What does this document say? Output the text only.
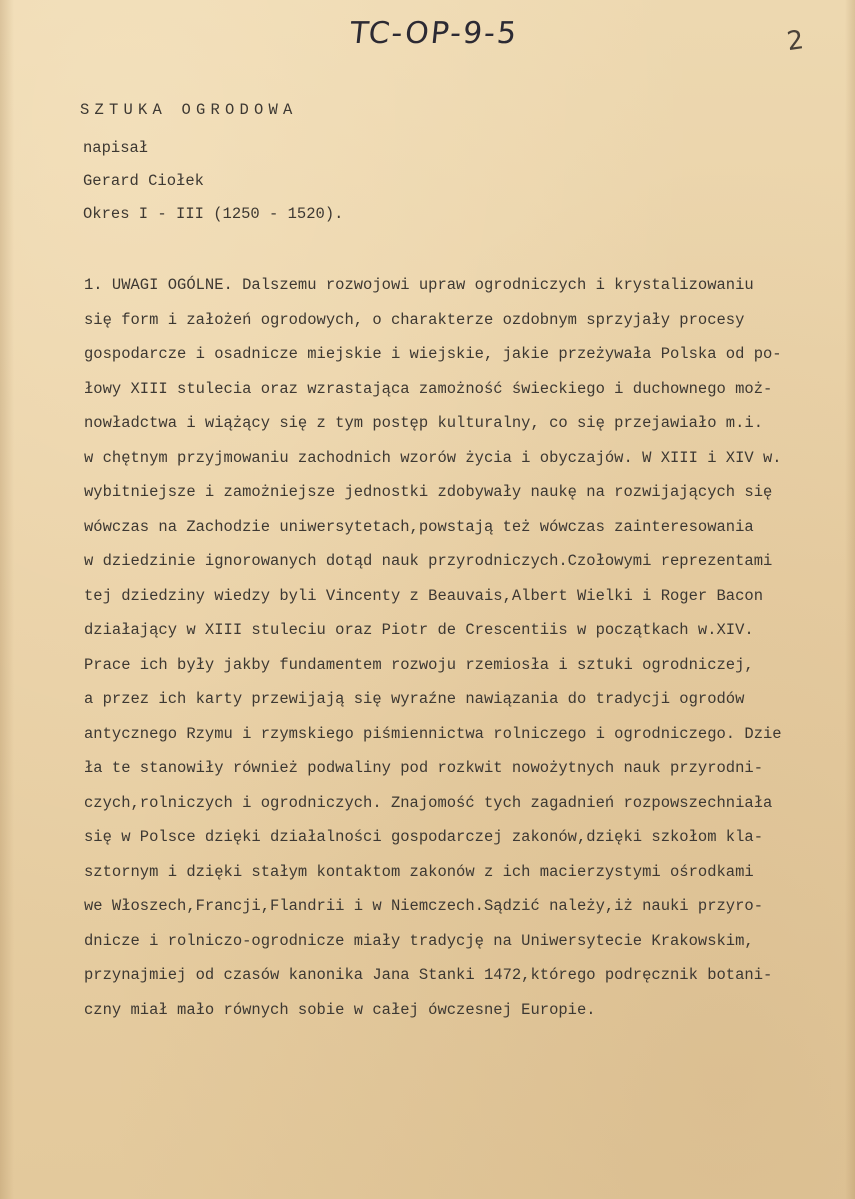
TC-OP-9-5	2
SZTUKA OGRODOWA
napisał
Gerard Ciołek
Okres I - III (1250 - 1520).
1. UWAGI OGÓLNE. Dalszemu rozwojowi upraw ogrodniczych i krystalizowaniu
się form i założeń ogrodowych, o charakterze ozdobnym sprzyjały procesy
gospodarcze i osadnicze miejskie i wiejskie, jakie przeżywała Polska od po-
łowy XIII stulecia oraz wzrastająca zamożność świeckiego i duchownego moż-
nowładctwa i wiążący się z tym postęp kulturalny, co się przejawiało m.i.
w chętnym przyjmowaniu zachodnich wzorów życia i obyczajów. W XIII i XIV w.
wybitniejsze i zamożniejsze jednostki zdobywały naukę na rozwijających się
wówczas na Zachodzie uniwersytetach,powstają też wówczas zainteresowania
w dziedzinie ignorowanych dotąd nauk przyrodniczych.Czołowymi reprezentami
tej dziedziny wiedzy byli Vincenty z Beauvais,Albert Wielki i Roger Bacon
działający w XIII stuleciu oraz Piotr de Crescentiis w początkach w.XIV.
Prace ich były jakby fundamentem rozwoju rzemiosła i sztuki ogrodniczej,
a przez ich karty przewijają się wyraźne nawiązania do tradycji ogrodów
antycznego Rzymu i rzymskiego piśmiennictwa rolniczego i ogrodniczego. Dzie
ła te stanowiły również podwaliny pod rozkwit nowożytnych nauk przyrodni-
czych,rolniczych i ogrodniczych. Znajomość tych zagadnień rozpowszechniała
się w Polsce dzięki działalności gospodarczej zakonów,dzięki szkołom kla-
sztornym i dzięki stałym kontaktom zakonów z ich macierzystymi ośrodkami
we Włoszech,Francji,Flandrii i w Niemczech.Sądzić należy,iż nauki przyro-
dnicze i rolniczo-ogrodnicze miały tradycję na Uniwersytecie Krakowskim,
przynajmiej od czasów kanonika Jana Stanki 1472,którego podręcznik botani-
czny miał mało równych sobie w całej ówczesnej Europie.
